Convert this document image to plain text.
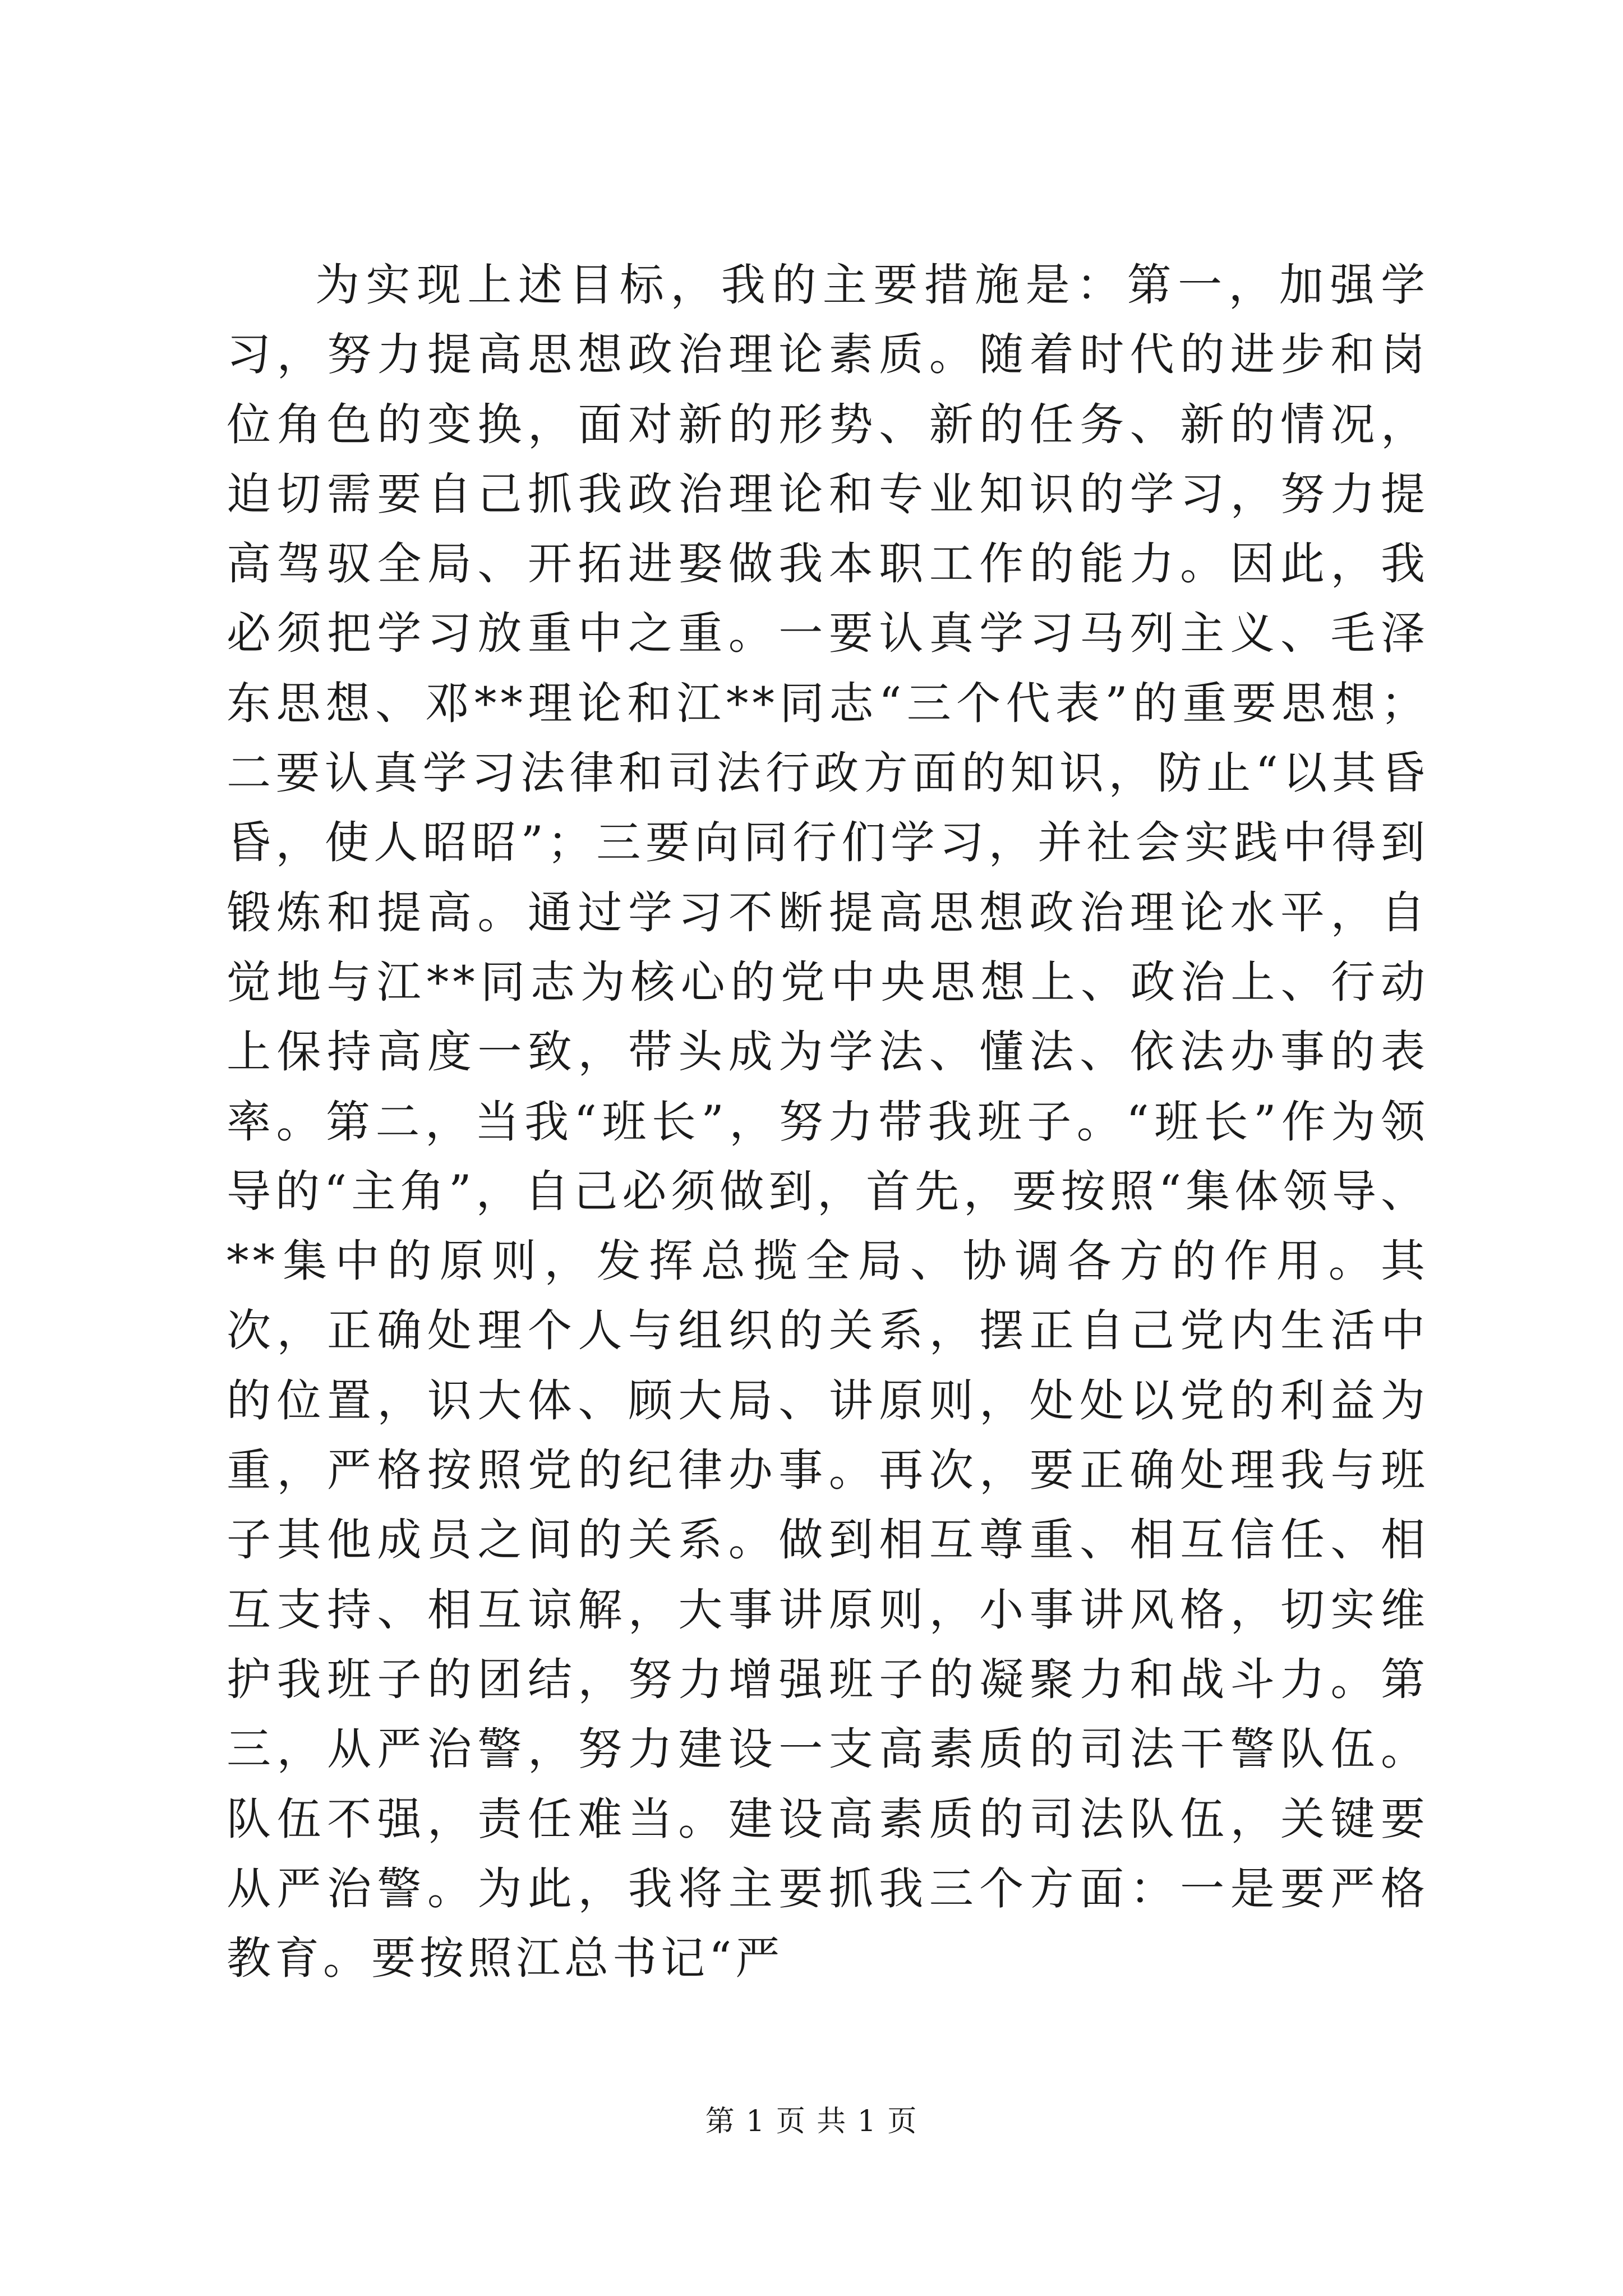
为实现上述目标，我的主要措施是：第一，加强学习，努力提高思想政治理论素质。随着时代的进步和岗位角色的变换，面对新的形势、新的任务、新的情况，迫切需要自己抓我政治理论和专业知识的学习，努力提高驾驭全局、开拓进娶做我本职工作的能力。因此，我必须把学习放重中之重。一要认真学习马列主义、毛泽东思想、邓**理论和江**同志“三个代表”的重要思想；二要认真学习法律和司法行政方面的知识，防止“以其昏昏，使人昭昭”；三要向同行们学习，并社会实践中得到锻炼和提高。通过学习不断提高思想政治理论水平，自觉地与江**同志为核心的党中央思想上、政治上、行动上保持高度一致，带头成为学法、懂法、依法办事的表率。第二，当我“班长”，努力带我班子。“班长”作为领导的“主角”，自己必须做到，首先，要按照“集体领导、**集中的原则，发挥总揽全局、协调各方的作用。其次，正确处理个人与组织的关系，摆正自己党内生活中的位置，识大体、顾大局、讲原则，处处以党的利益为重，严格按照党的纪律办事。再次，要正确处理我与班子其他成员之间的关系。做到相互尊重、相互信任、相互支持、相互谅解，大事讲原则，小事讲风格，切实维护我班子的团结，努力增强班子的凝聚力和战斗力。第三，从严治警，努力建设一支高素质的司法干警队伍。队伍不强，责任难当。建设高素质的司法队伍，关键要从严治警。为此，我将主要抓我三个方面：一是要严格教育。要按照江总书记“严

第 1 页 共 1 页
